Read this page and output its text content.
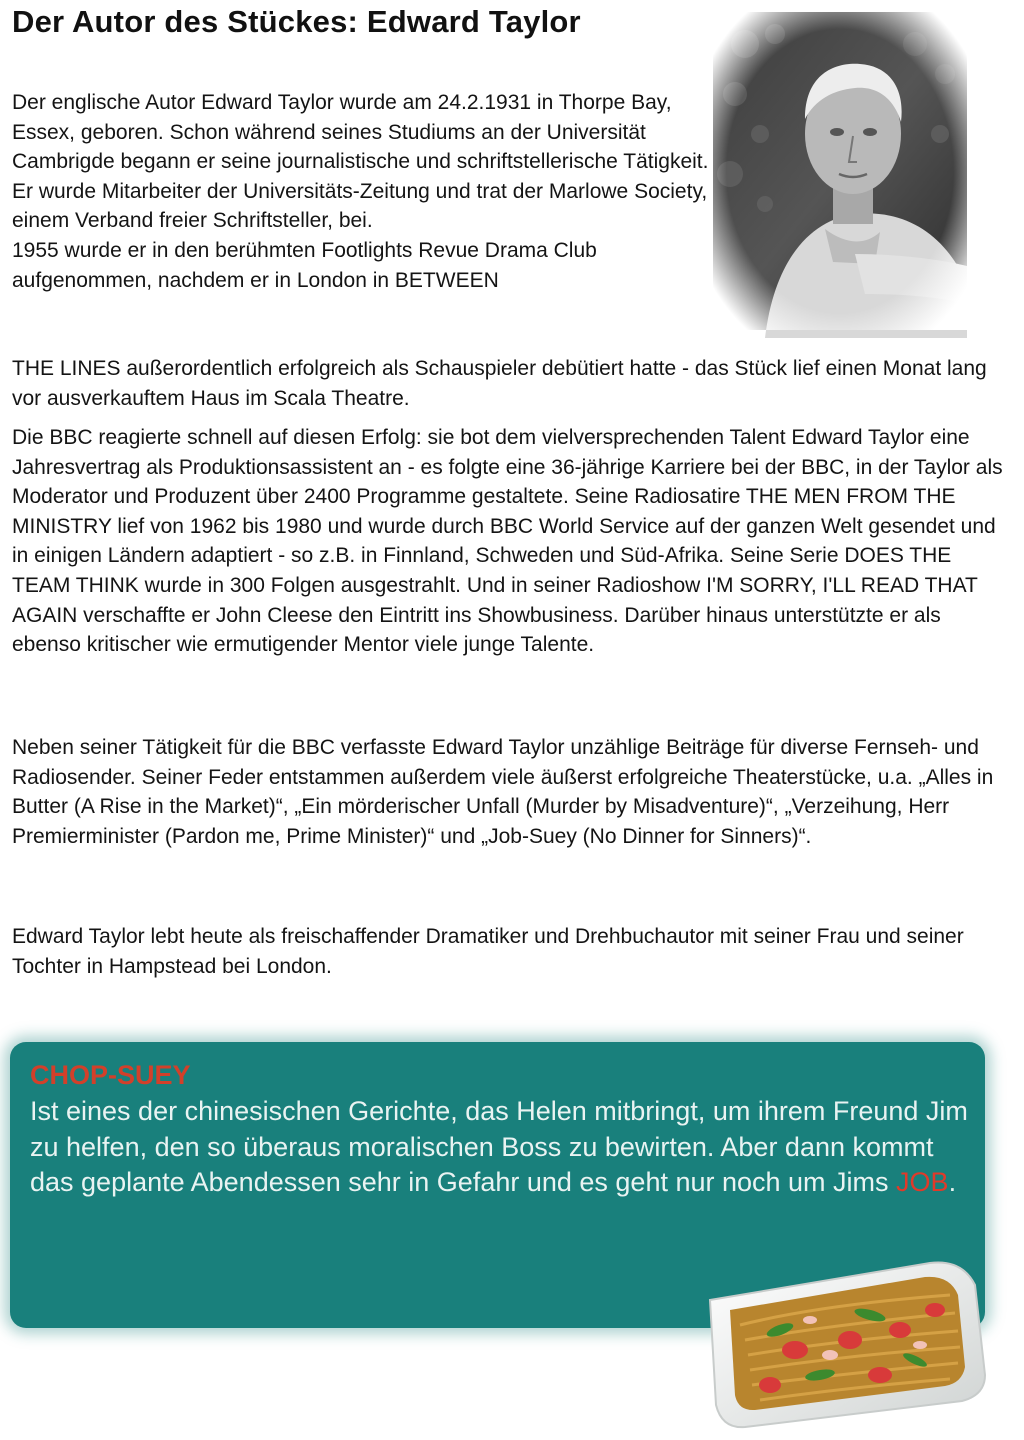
Der Autor des Stückes: Edward Taylor

Der englische Autor Edward Taylor wurde am 24.2.1931 in Thorpe Bay, Essex, geboren. Schon während seines Studiums an der Universität Cambrigde begann er seine journalistische und schriftstellerische Tätigkeit. Er wurde Mitarbeiter der Universitäts-Zeitung und trat der Marlowe Society, einem Verband freier Schriftsteller, bei.
1955 wurde er in den berühmten Footlights Revue Drama Club aufgenommen, nachdem er in London in BETWEEN

THE LINES außerordentlich erfolgreich als Schauspieler debütiert hatte - das Stück lief einen Monat lang vor ausverkauftem Haus im Scala Theatre.

Die BBC reagierte schnell auf diesen Erfolg: sie bot dem vielversprechenden Talent Edward Taylor eine Jahresvertrag als Produktionsassistent an - es folgte eine 36-jährige Karriere bei der BBC, in der Taylor als Moderator und Produzent über 2400 Programme gestaltete. Seine Radiosatire THE MEN FROM THE MINISTRY lief von 1962 bis 1980 und wurde durch BBC World Service auf der ganzen Welt gesendet und in einigen Ländern adaptiert - so z.B. in Finnland, Schweden und Süd-Afrika. Seine Serie DOES THE TEAM THINK wurde in 300 Folgen ausgestrahlt. Und in seiner Radioshow I'M SORRY, I'LL READ THAT AGAIN verschaffte er John Cleese den Eintritt ins Showbusiness. Darüber hinaus unterstützte er als ebenso kritischer wie ermutigender Mentor viele junge Talente.

Neben seiner Tätigkeit für die BBC verfasste Edward Taylor unzählige Beiträge für diverse Fernseh- und Radiosender. Seiner Feder entstammen außerdem viele äußerst erfolgreiche Theaterstücke, u.a. „Alles in Butter (A Rise in the Market)“, „Ein mörderischer Unfall (Murder by Misadventure)“, „Verzeihung, Herr Premierminister (Pardon me, Prime Minister)“ und „Job-Suey (No Dinner for Sinners)“.

Edward Taylor lebt heute als freischaffender Dramatiker und Drehbuchautor mit seiner Frau und seiner Tochter in Hampstead bei London.

CHOP-SUEY

Ist eines der chinesischen Gerichte, das Helen mitbringt, um ihrem Freund Jim zu helfen, den so überaus moralischen Boss zu bewirten. Aber dann kommt das geplante Abendessen sehr in Gefahr und es geht nur noch um Jims JOB.
